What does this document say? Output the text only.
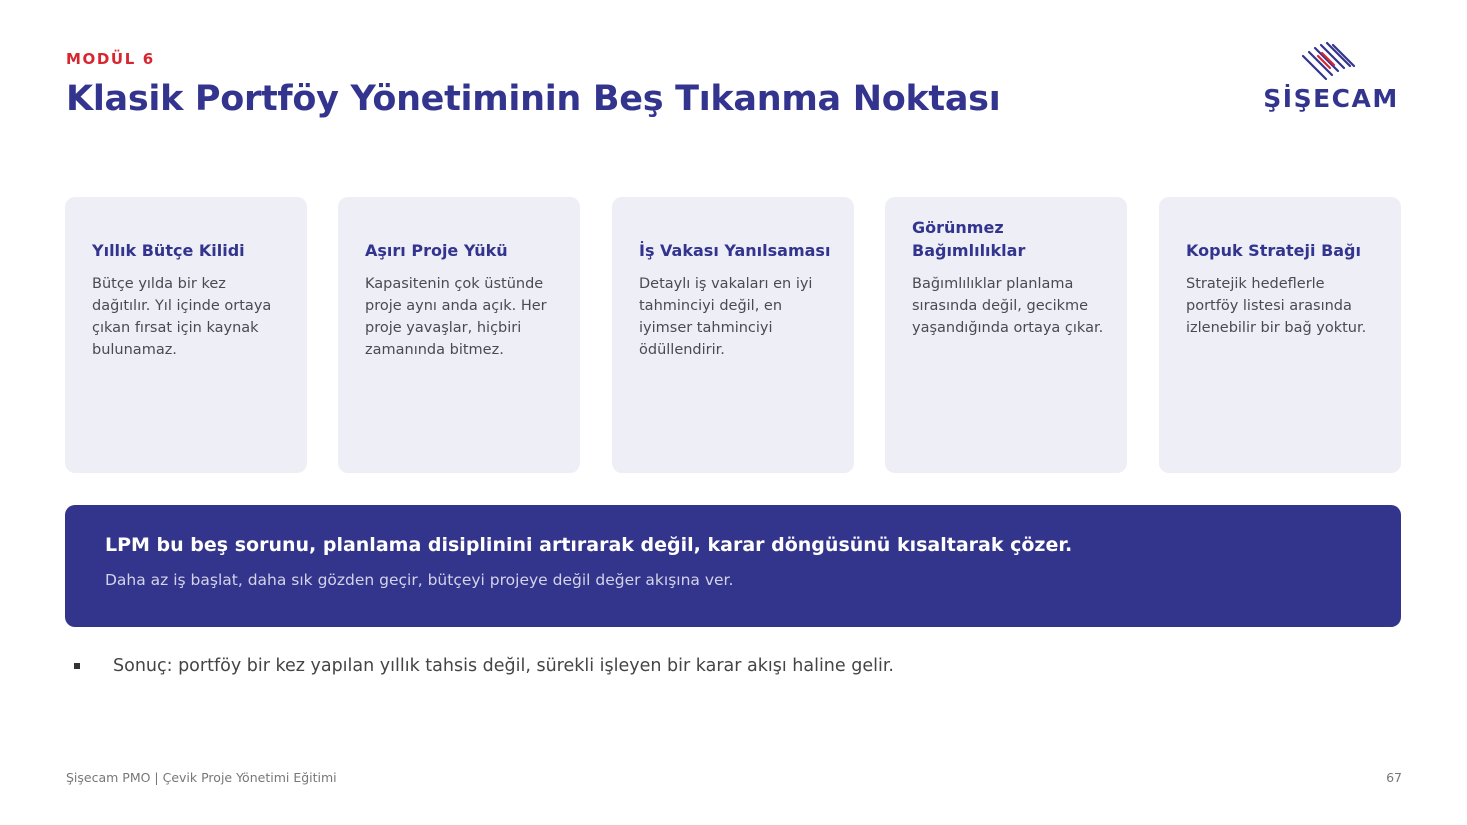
MODÜL 6
Klasik Portföy Yönetiminin Beş Tıkanma Noktası	ŞİŞECAM
Yıllık Bütçe Kilidi
Bütçe yılda bir kez dağıtılır. Yıl içinde ortaya çıkan fırsat için kaynak bulunamaz.
Aşırı Proje Yükü
Kapasitenin çok üstünde proje aynı anda açık. Her proje yavaşlar, hiçbiri zamanında bitmez.
İş Vakası Yanılsaması
Detaylı iş vakaları en iyi tahminciyi değil, en iyimser tahminciyi ödüllendirir.
Görünmez Bağımlılıklar
Bağımlılıklar planlama sırasında değil, gecikme yaşandığında ortaya çıkar.
Kopuk Strateji Bağı
Stratejik hedeflerle portföy listesi arasında izlenebilir bir bağ yoktur.
LPM bu beş sorunu, planlama disiplinini artırarak değil, karar döngüsünü kısaltarak çözer.
Daha az iş başlat, daha sık gözden geçir, bütçeyi projeye değil değer akışına ver.
Sonuç: portföy bir kez yapılan yıllık tahsis değil, sürekli işleyen bir karar akışı haline gelir.
Şişecam PMO | Çevik Proje Yönetimi Eğitimi	67
